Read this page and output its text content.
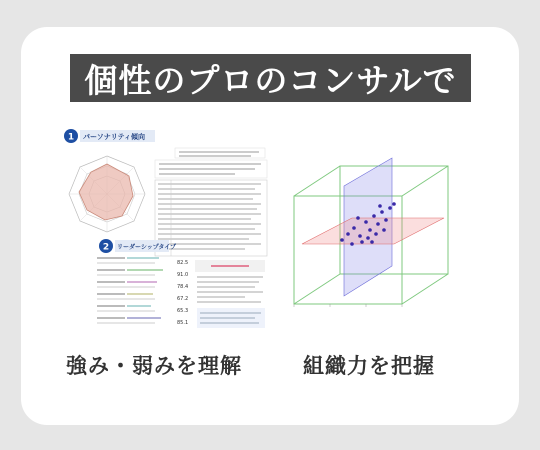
個性のプロのコンサルで
1 パーソナリティ傾向
2 リーダーシップタイプ
82.5
91.0
78.4
67.2
65.3
85.1
強み・弱みを理解	組織力を把握
